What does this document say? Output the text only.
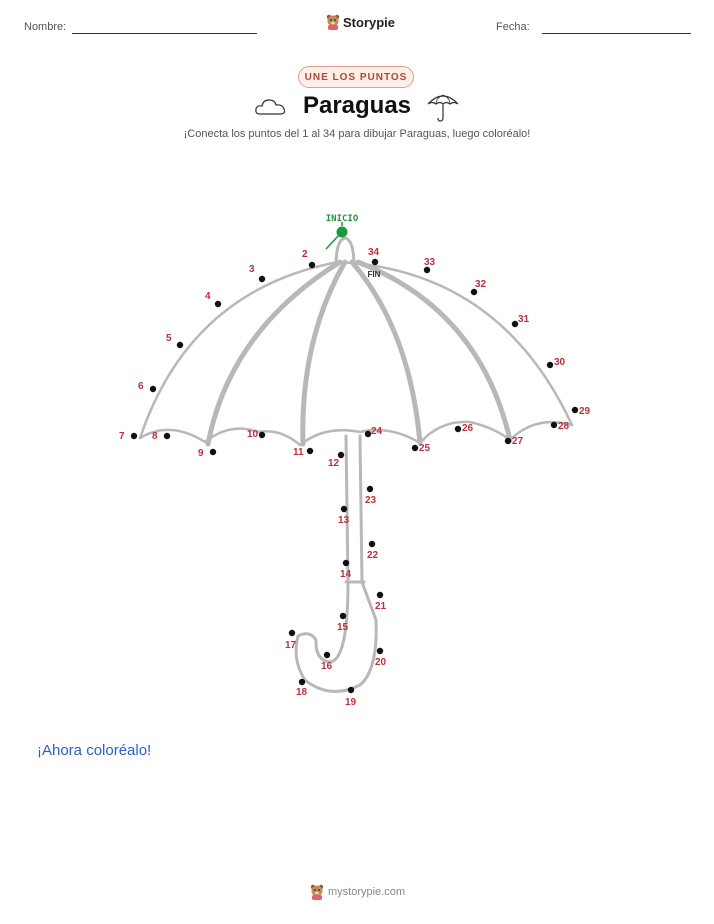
Nombre:	Storypie	Fecha:
UNE LOS PUNTOS
Paraguas
¡Conecta los puntos del 1 al 34 para dibujar Paraguas, luego coloréalo!
INICIO
FIN
2
3
4
5
6
7	8
9
10
11
12
13
14
15
16
17
18
19
20
21
22
23
24
25
26
27
28
29
30
31
32
33
34
¡Ahora coloréalo!
mystorypie.com
